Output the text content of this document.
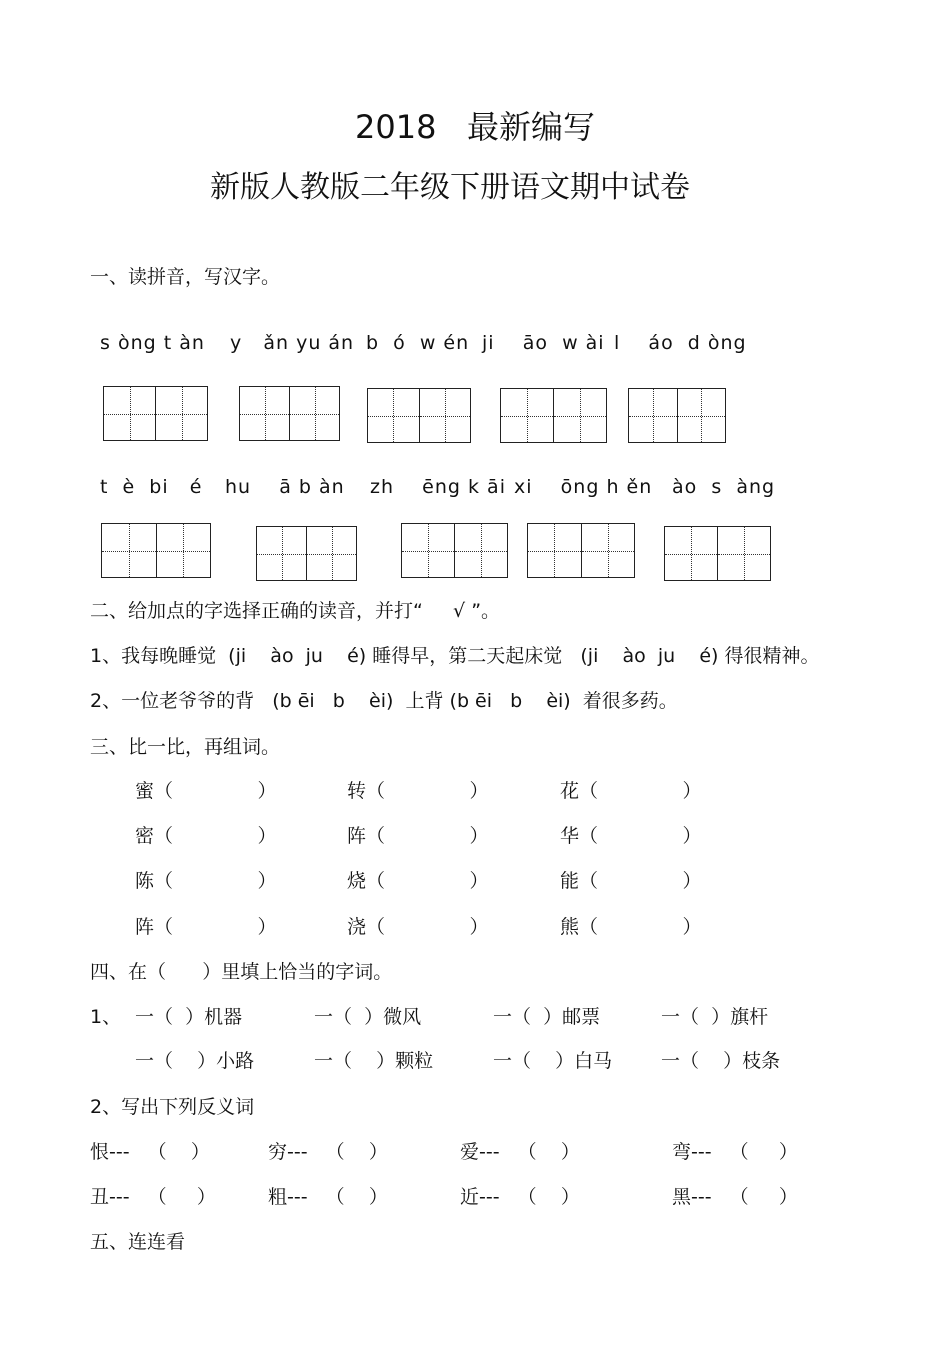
2018   最新编写
新版人教版二年级下册语文期中试卷
一、读拼音，写汉字。
s òng t àn y   ǎn yu án b  ó  w én ji    āo  w ài l    áo  d òng
t  è  bi   é hu    ā b àn zh    ēng k āi xi    ōng h ěn ào  s  àng
二、给加点的字选择正确的读音，并打“     √ ”。
1、我每晚睡觉  (ji    ào  ju    é) 睡得早，第二天起床觉   (ji    ào  ju    é) 得很精神。
2、一位老爷爷的背   (b ēi   b    èi)  上背 (b ēi   b    èi)  着很多药。
三、比一比，再组词。
蜜（              ）	转（              ）	花（              ）
密（              ）	阵（              ）	华（              ）
陈（              ）	烧（              ）	能（              ）
阵（              ）	浇（              ）	熊（              ）
四、在（      ）里填上恰当的字词。
1、 一（  ）机器	一（  ）微风	一（  ）邮票	一（  ）旗杆
一（    ）小路	一（    ）颗粒	一（    ）白马	一（    ）枝条
2、写出下列反义词
恨---   （    ）	穷---   （    ）	爱---   （    ）	弯---   （     ）
丑---   （     ）	粗---   （    ）	近---   （    ）	黑---   （     ）
五、连连看
